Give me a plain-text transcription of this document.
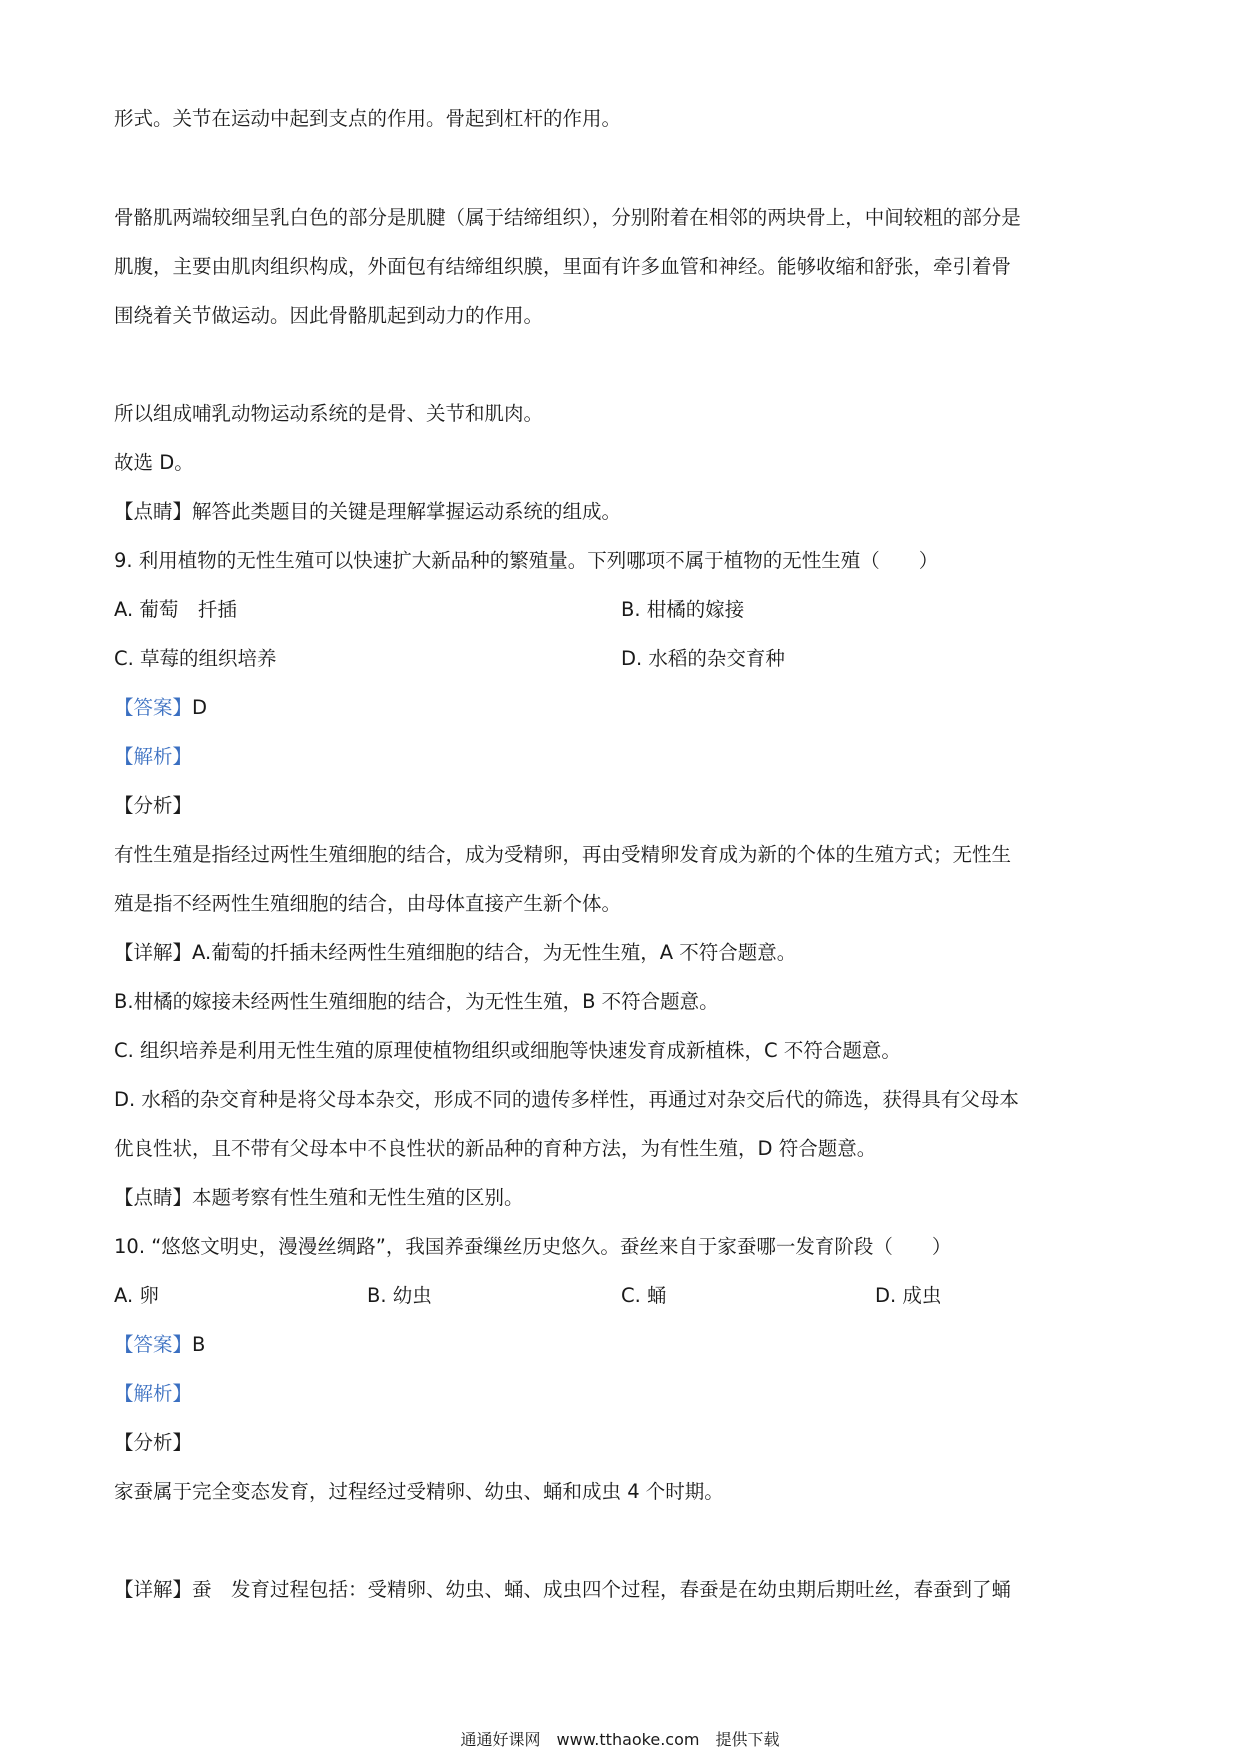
形式。关节在运动中起到支点的作用。骨起到杠杆的作用。

骨骼肌两端较细呈乳白色的部分是肌腱（属于结缔组织），分别附着在相邻的两块骨上，中间较粗的部分是

肌腹，主要由肌肉组织构成，外面包有结缔组织膜，里面有许多血管和神经。能够收缩和舒张，牵引着骨

围绕着关节做运动。因此骨骼肌起到动力的作用。

所以组成哺乳动物运动系统的是骨、关节和肌肉。

故选 D。

【点睛】解答此类题目的关键是理解掌握运动系统的组成。

9. 利用植物的无性生殖可以快速扩大新品种的繁殖量。下列哪项不属于植物的无性生殖（　　）

A. 葡萄　扦插	B. 柑橘的嫁接

C. 草莓的组织培养	D. 水稻的杂交育种

【答案】D

【解析】

【分析】

有性生殖是指经过两性生殖细胞的结合，成为受精卵，再由受精卵发育成为新的个体的生殖方式；无性生

殖是指不经两性生殖细胞的结合，由母体直接产生新个体。

【详解】A.葡萄的扦插未经两性生殖细胞的结合，为无性生殖，A 不符合题意。

B.柑橘的嫁接未经两性生殖细胞的结合，为无性生殖，B 不符合题意。

C. 组织培养是利用无性生殖的原理使植物组织或细胞等快速发育成新植株，C 不符合题意。

D. 水稻的杂交育种是将父母本杂交，形成不同的遗传多样性，再通过对杂交后代的筛选，获得具有父母本

优良性状，且不带有父母本中不良性状的新品种的育种方法，为有性生殖，D 符合题意。

【点睛】本题考察有性生殖和无性生殖的区别。

10. “悠悠文明史，漫漫丝绸路”，我国养蚕缫丝历史悠久。蚕丝来自于家蚕哪一发育阶段（　　）

A. 卵	B. 幼虫	C. 蛹	D. 成虫

【答案】B

【解析】

【分析】

家蚕属于完全变态发育，过程经过受精卵、幼虫、蛹和成虫 4 个时期。

【详解】蚕　发育过程包括：受精卵、幼虫、蛹、成虫四个过程，春蚕是在幼虫期后期吐丝，春蚕到了蛹

通通好课网　www.tthaoke.com　提供下载
